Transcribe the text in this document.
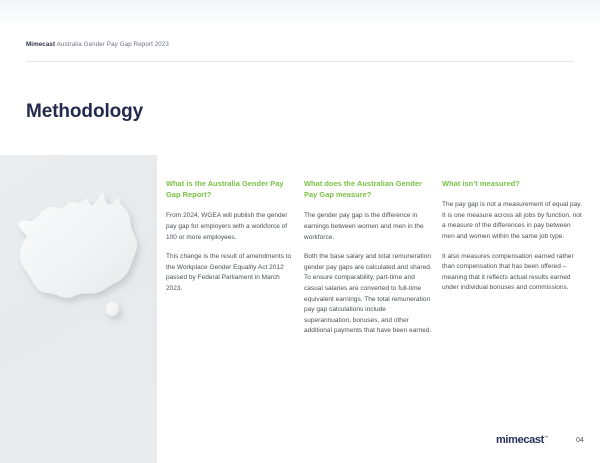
Mimecast Australia Gender Pay Gap Report 2023
Methodology
What is the Australia Gender Pay Gap Report?

From 2024, WGEA will publish the gender pay gap for employers with a workforce of 100 or more employees.

This change is the result of amendments to the Workplace Gender Equality Act 2012 passed by Federal Parliament in March 2023.

What does the Australian Gender Pay Gap measure?

The gender pay gap is the difference in earnings between women and men in the workforce.

Both the base salary and total remuneration gender pay gaps are calculated and shared. To ensure comparability, part-time and casual salaries are converted to full-time equivalent earnings. The total remuneration pay gap calculations include superannuation, bonuses, and other additional payments that have been earned.

What isn’t measured?

The pay gap is not a measurement of equal pay. It is one measure across all jobs by function, not a measure of the differences in pay between men and women within the same job type.

It also measures compensation earned rather than compensation that has been offered – meaning that it reflects actual results earned under individual bonuses and commissions.

mimecast™
04
